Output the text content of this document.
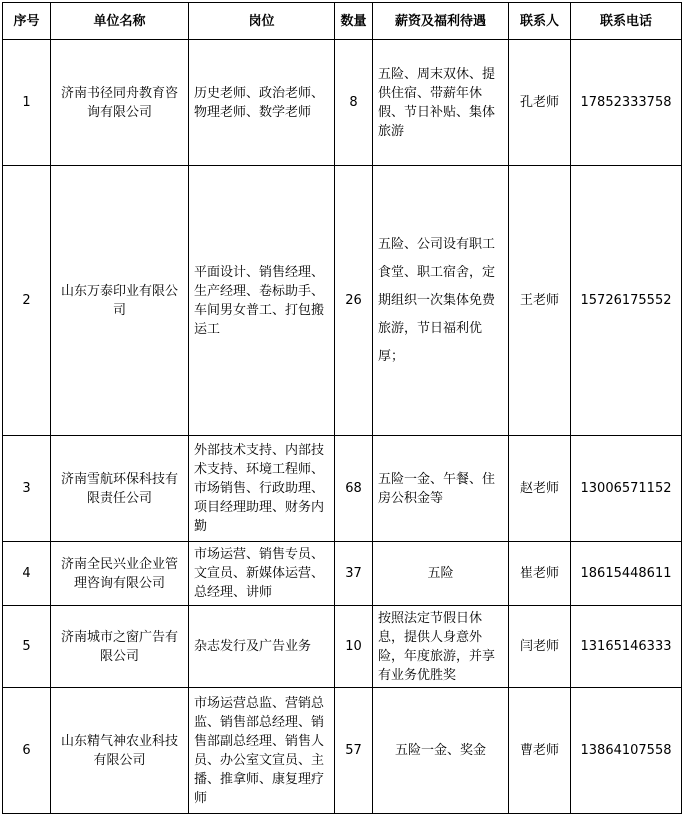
序号	单位名称	岗位	数量	薪资及福利待遇	联系人	联系电话
1	济南书径同舟教育咨询有限公司	历史老师、政治老师、物理老师、数学老师	8	五险、周末双休、提供住宿、带薪年休假、节日补贴、集体旅游	孔老师	17852333758
2	山东万泰印业有限公司	平面设计、销售经理、生产经理、卷标助手、车间男女普工、打包搬运工	26	五险、公司设有职工食堂、职工宿舍，定期组织一次集体免费旅游，节日福利优厚；	王老师	15726175552
3	济南雪航环保科技有限责任公司	外部技术支持、内部技术支持、环境工程师、市场销售、行政助理、项目经理助理、财务内勤	68	五险一金、午餐、住房公积金等	赵老师	13006571152
4	济南全民兴业企业管理咨询有限公司	市场运营、销售专员、文宣员、新媒体运营、总经理、讲师	37	五险	崔老师	18615448611
5	济南城市之窗广告有限公司	杂志发行及广告业务	10	按照法定节假日休息，提供人身意外险，年度旅游，并享有业务优胜奖	闫老师	13165146333
6	山东精气神农业科技有限公司	市场运营总监、营销总监、销售部总经理、销售部副总经理、销售人员、办公室文宣员、主播、推拿师、康复理疗师	57	五险一金、奖金	曹老师	13864107558
